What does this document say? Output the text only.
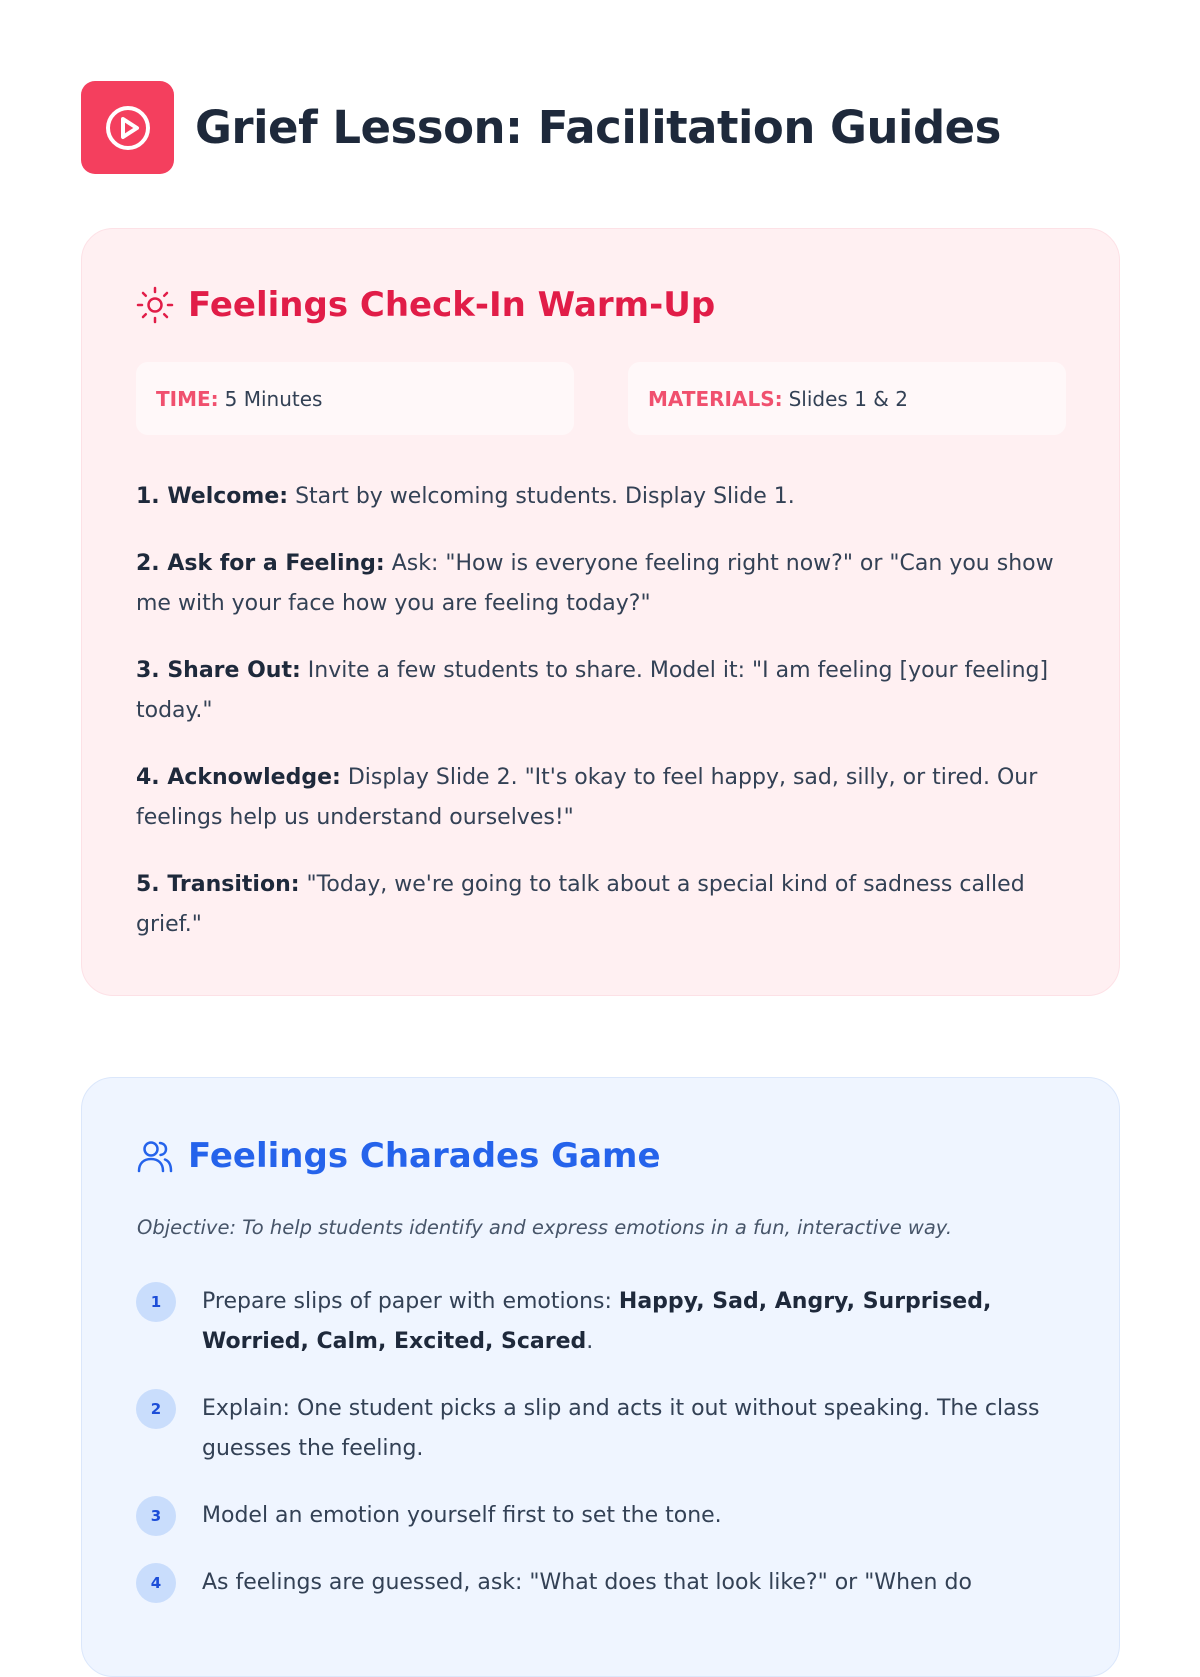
Grief Lesson: Facilitation Guides
Feelings Check-In Warm-Up
TIME: 5 Minutes	MATERIALS: Slides 1 & 2

1. Welcome: Start by welcoming students. Display Slide 1.

2. Ask for a Feeling: Ask: "How is everyone feeling right now?" or "Can you show me with your face how you are feeling today?"

3. Share Out: Invite a few students to share. Model it: "I am feeling [your feeling] today."

4. Acknowledge: Display Slide 2. "It's okay to feel happy, sad, silly, or tired. Our feelings help us understand ourselves!"

5. Transition: "Today, we're going to talk about a special kind of sadness called grief."

Feelings Charades Game

Objective: To help students identify and express emotions in a fun, interactive way.

1	Prepare slips of paper with emotions: Happy, Sad, Angry, Surprised, Worried, Calm, Excited, Scared.
2	Explain: One student picks a slip and acts it out without speaking. The class guesses the feeling.
3	Model an emotion yourself first to set the tone.
4	As feelings are guessed, ask: "What does that look like?" or "When do
